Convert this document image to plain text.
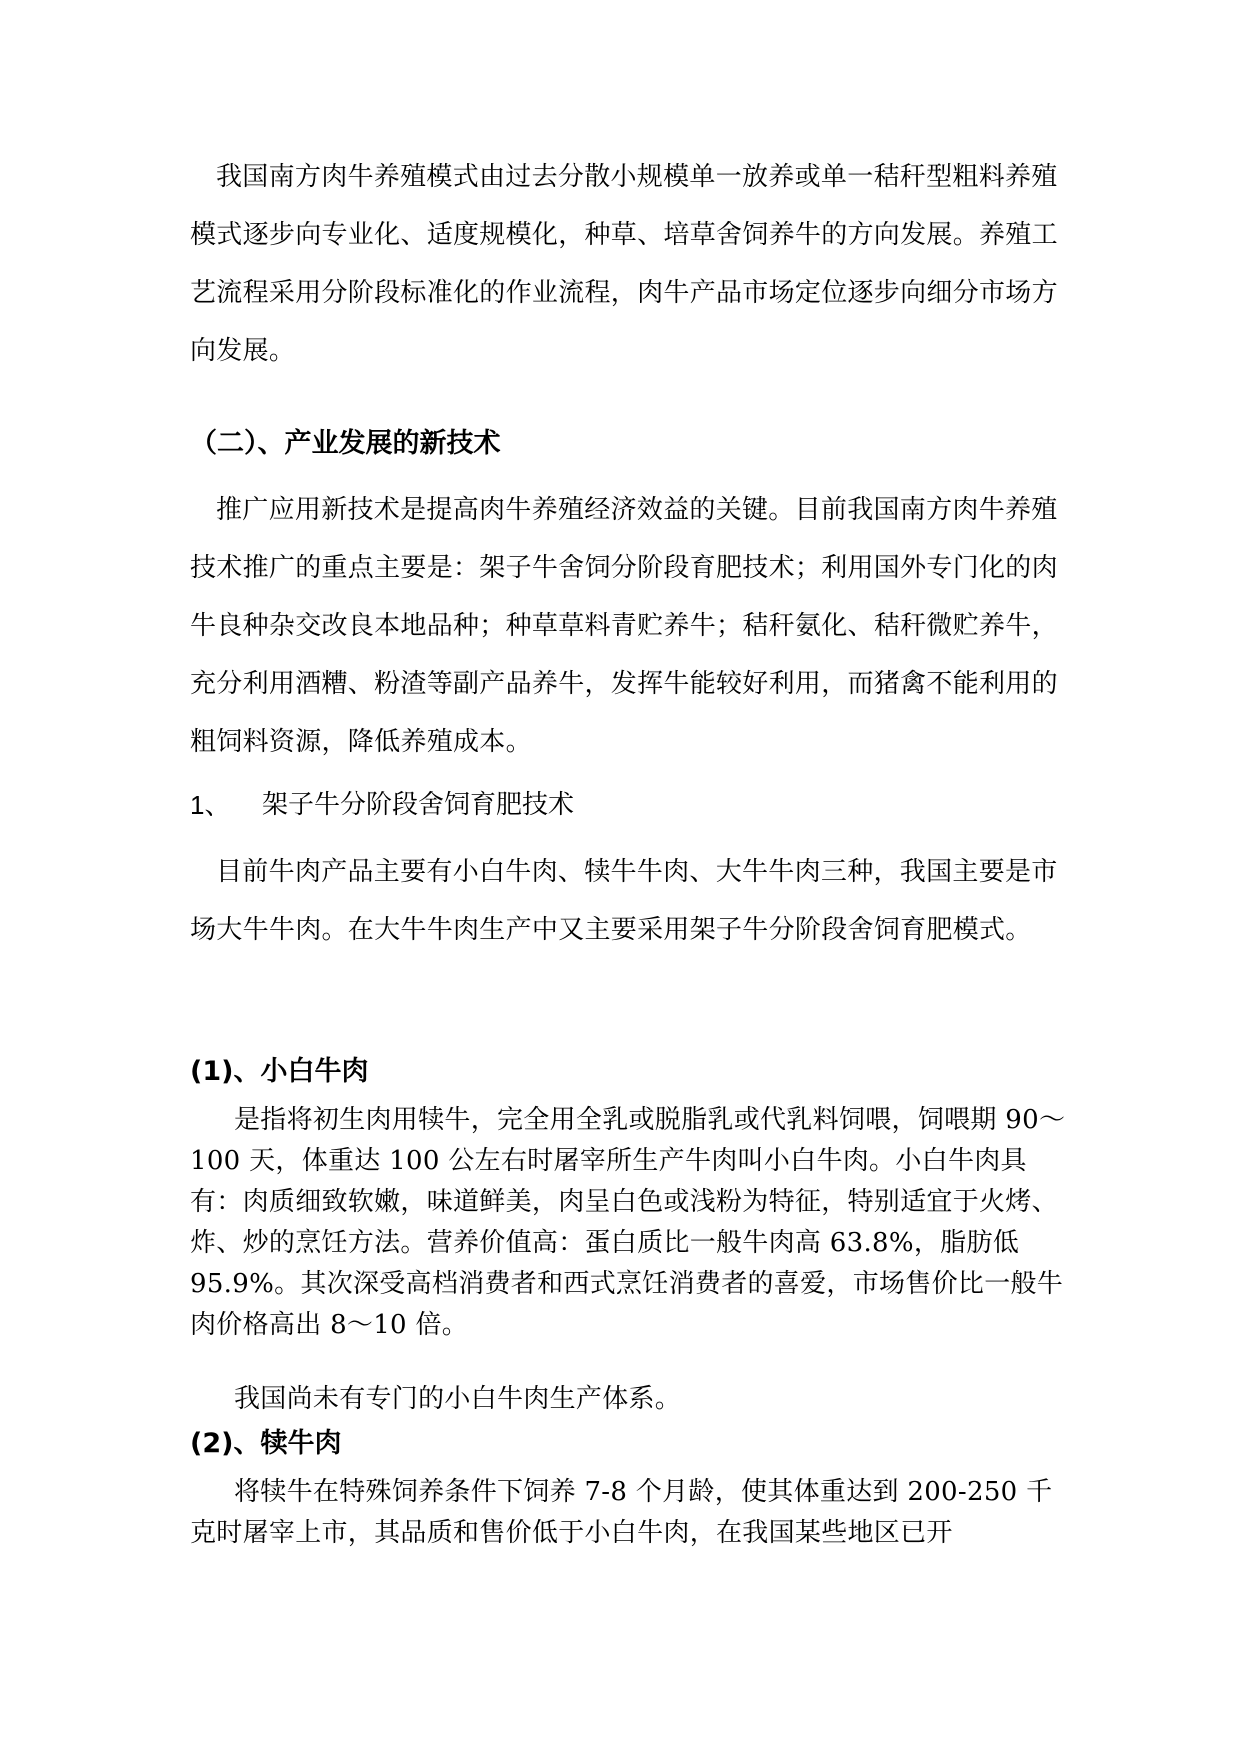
我国南方肉牛养殖模式由过去分散小规模单一放养或单一秸秆型粗料养殖模式逐步向专业化、适度规模化，种草、培草舍饲养牛的方向发展。养殖工艺流程采用分阶段标准化的作业流程，肉牛产品市场定位逐步向细分市场方向发展。

（二）、产业发展的新技术

推广应用新技术是提高肉牛养殖经济效益的关键。目前我国南方肉牛养殖技术推广的重点主要是：架子牛舍饲分阶段育肥技术；利用国外专门化的肉牛良种杂交改良本地品种；种草草料青贮养牛；秸秆氨化、秸秆微贮养牛，充分利用酒糟、粉渣等副产品养牛，发挥牛能较好利用，而猪禽不能利用的粗饲料资源，降低养殖成本。

1、	架子牛分阶段舍饲育肥技术

目前牛肉产品主要有小白牛肉、犊牛牛肉、大牛牛肉三种，我国主要是市场大牛牛肉。在大牛牛肉生产中又主要采用架子牛分阶段舍饲育肥模式。

(1)、小白牛肉

是指将初生肉用犊牛，完全用全乳或脱脂乳或代乳料饲喂，饲喂期 90～100 天，体重达 100 公左右时屠宰所生产牛肉叫小白牛肉。小白牛肉具有：肉质细致软嫩，味道鲜美，肉呈白色或浅粉为特征，特别适宜于火烤、炸、炒的烹饪方法。营养价值高：蛋白质比一般牛肉高 63.8%，脂肪低 95.9%。其次深受高档消费者和西式烹饪消费者的喜爱，市场售价比一般牛肉价格高出 8～10 倍。

我国尚未有专门的小白牛肉生产体系。

(2)、犊牛肉

将犊牛在特殊饲养条件下饲养 7-8 个月龄，使其体重达到 200-250 千克时屠宰上市，其品质和售价低于小白牛肉，在我国某些地区已开
